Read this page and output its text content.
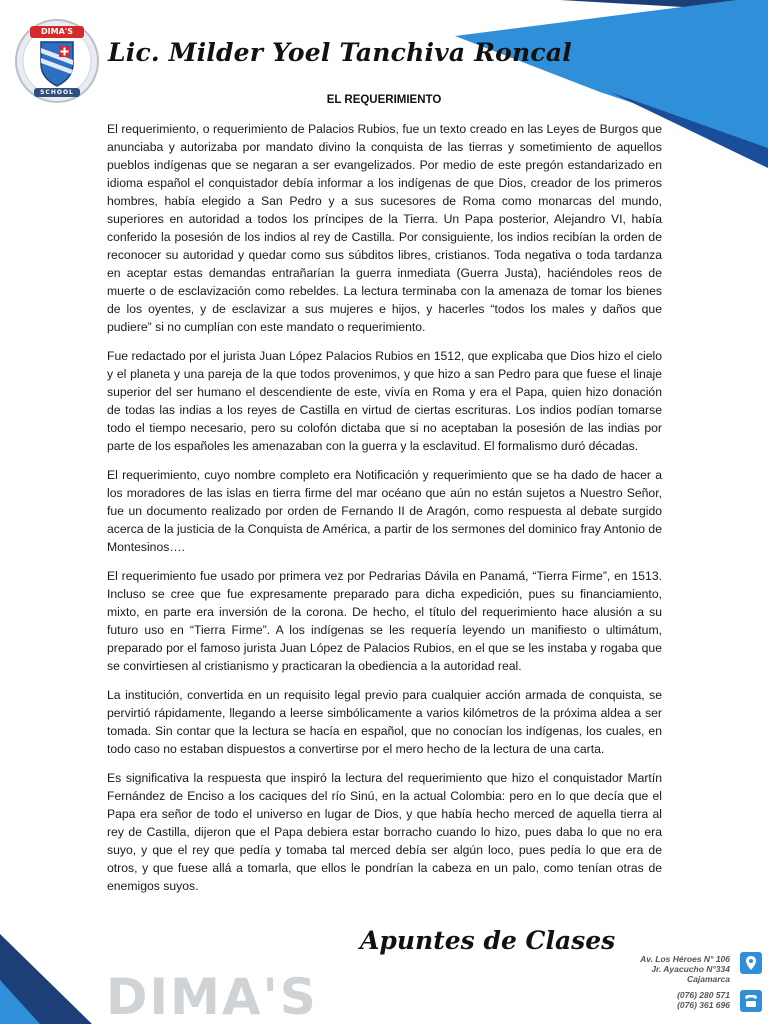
DIMA'S
SCHOOL
Lic. Milder Yoel Tanchiva Roncal
EL REQUERIMIENTO

El requerimiento, o requerimiento de Palacios Rubios, fue un texto creado en las Leyes de Burgos que anunciaba y autorizaba por mandato divino la conquista de las tierras y sometimiento de aquellos pueblos indígenas que se negaran a ser evangelizados. Por medio de este pregón estandarizado en idioma español el conquistador debía informar a los indígenas de que Dios, creador de los primeros hombres, había elegido a San Pedro y a sus sucesores de Roma como monarcas del mundo, superiores en autoridad a todos los príncipes de la Tierra. Un Papa posterior, Alejandro VI, había conferido la posesión de los indios al rey de Castilla. Por consiguiente, los indios recibían la orden de reconocer su autoridad y quedar como sus súbditos libres, cristianos. Toda negativa o toda tardanza en aceptar estas demandas entrañarían la guerra inmediata (Guerra Justa), haciéndoles reos de muerte o de esclavización como rebeldes. La lectura terminaba con la amenaza de tomar los bienes de los oyentes, y de esclavizar a sus mujeres e hijos, y hacerles “todos los males y daños que pudiere” si no cumplían con este mandato o requerimiento.

Fue redactado por el jurista Juan López Palacios Rubios en 1512, que explicaba que Dios hizo el cielo y el planeta y una pareja de la que todos provenimos, y que hizo a san Pedro para que fuese el linaje superior del ser humano el descendiente de este, vivía en Roma y era el Papa, quien hizo donación de todas las indias a los reyes de Castilla en virtud de ciertas escrituras. Los indios podían tomarse todo el tiempo necesario, pero su colofón dictaba que si no aceptaban la posesión de las indias por parte de los españoles les amenazaban con la guerra y la esclavitud. El formalismo duró décadas.

El requerimiento, cuyo nombre completo era Notificación y requerimiento que se ha dado de hacer a los moradores de las islas en tierra firme del mar océano que aún no están sujetos a Nuestro Señor, fue un documento realizado por orden de Fernando II de Aragón, como respuesta al debate surgido acerca de la justicia de la Conquista de América, a partir de los sermones del dominico fray Antonio de Montesinos….

El requerimiento fue usado por primera vez por Pedrarias Dávila en Panamá, “Tierra Firme”, en 1513. Incluso se cree que fue expresamente preparado para dicha expedición, pues su financiamiento, mixto, en parte era inversión de la corona. De hecho, el título del requerimiento hace alusión a su futuro uso en “Tierra Firme”. A los indígenas se les requería leyendo un manifiesto o ultimátum, preparado por el famoso jurista Juan López de Palacios Rubios, en el que se les instaba y rogaba que se convirtiesen al cristianismo y practicaran la obediencia a la autoridad real.

La institución, convertida en un requisito legal previo para cualquier acción armada de conquista, se pervirtió rápidamente, llegando a leerse simbólicamente a varios kilómetros de la próxima aldea a ser tomada. Sin contar que la lectura se hacía en español, que no conocían los indígenas, los cuales, en todo caso no estaban dispuestos a convertirse por el mero hecho de la lectura de una carta.

Es significativa la respuesta que inspiró la lectura del requerimiento que hizo el conquistador Martín Fernández de Enciso a los caciques del río Sinú, en la actual Colombia: pero en lo que decía que el Papa era señor de todo el universo en lugar de Dios, y que había hecho merced de aquella tierra al rey de Castilla, dijeron que el Papa debiera estar borracho cuando lo hizo, pues daba lo que no era suyo, y que el rey que pedía y tomaba tal merced debía ser algún loco, pues pedía lo que era de otros, y que fuese allá a tomarla, que ellos le pondrían la cabeza en un palo, como tenían otras de enemigos suyos.

Apuntes de Clases
DIMA'S
Av. Los Héroes N° 106
Jr. Ayacucho N°334
Cajamarca
(076) 280 571
(076) 361 696
